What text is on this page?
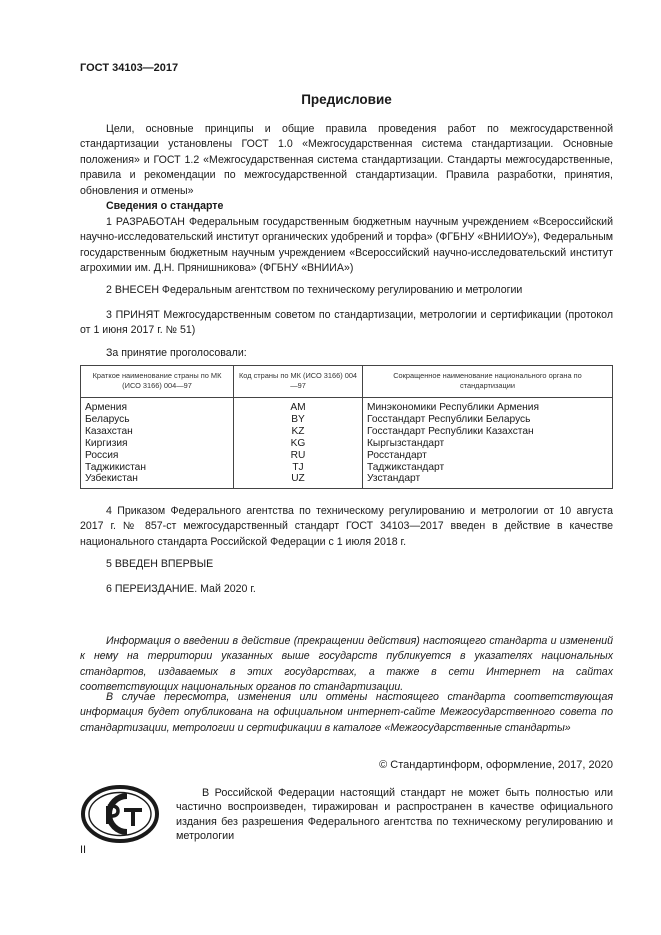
ГОСТ 34103—2017
Предисловие

Цели, основные принципы и общие правила проведения работ по межгосударственной стандартизации установлены ГОСТ 1.0 «Межгосударственная система стандартизации. Основные положения» и ГОСТ 1.2 «Межгосударственная система стандартизации. Стандарты межгосударственные, правила и рекомендации по межгосударственной стандартизации. Правила разработки, принятия, обновления и отмены»

Сведения о стандарте

1 РАЗРАБОТАН Федеральным государственным бюджетным научным учреждением «Всероссийский научно-исследовательский институт органических удобрений и торфа» (ФГБНУ «ВНИИОУ»), Федеральным государственным бюджетным научным учреждением «Всероссийский научно-исследовательский институт агрохимии им. Д.Н. Прянишникова» (ФГБНУ «ВНИИА»)

2 ВНЕСЕН Федеральным агентством по техническому регулированию и метрологии

3 ПРИНЯТ Межгосударственным советом по стандартизации, метрологии и сертификации (протокол от 1 июня 2017 г. № 51)

За принятие проголосовали:

Краткое наименование страны по МК (ИСО 3166) 004—97	Код страны по МК (ИСО 3166) 004—97	Сокращенное наименование национального органа по стандартизации
Армения	AM	Минэкономики Республики Армения
Беларусь	BY	Госстандарт Республики Беларусь
Казахстан	KZ	Госстандарт Республики Казахстан
Киргизия	KG	Кыргызстандарт
Россия	RU	Росстандарт
Таджикистан	TJ	Таджикстандарт
Узбекистан	UZ	Узстандарт

4 Приказом Федерального агентства по техническому регулированию и метрологии от 10 августа 2017 г. № 857-ст межгосударственный стандарт ГОСТ 34103—2017 введен в действие в качестве национального стандарта Российской Федерации с 1 июля 2018 г.

5 ВВЕДЕН ВПЕРВЫЕ

6 ПЕРЕИЗДАНИЕ. Май 2020 г.

Информация о введении в действие (прекращении действия) настоящего стандарта и изменений к нему на территории указанных выше государств публикуется в указателях национальных стандартов, издаваемых в этих государствах, а также в сети Интернет на сайтах соответствующих национальных органов по стандартизации.

В случае пересмотра, изменения или отмены настоящего стандарта соответствующая информация будет опубликована на официальном интернет-сайте Межгосударственного совета по стандартизации, метрологии и сертификации в каталоге «Межгосударственные стандарты»

© Стандартинформ, оформление, 2017, 2020

В Российской Федерации настоящий стандарт не может быть полностью или частично воспроизведен, тиражирован и распространен в качестве официального издания без разрешения Федерального агентства по техническому регулированию и метрологии

II
